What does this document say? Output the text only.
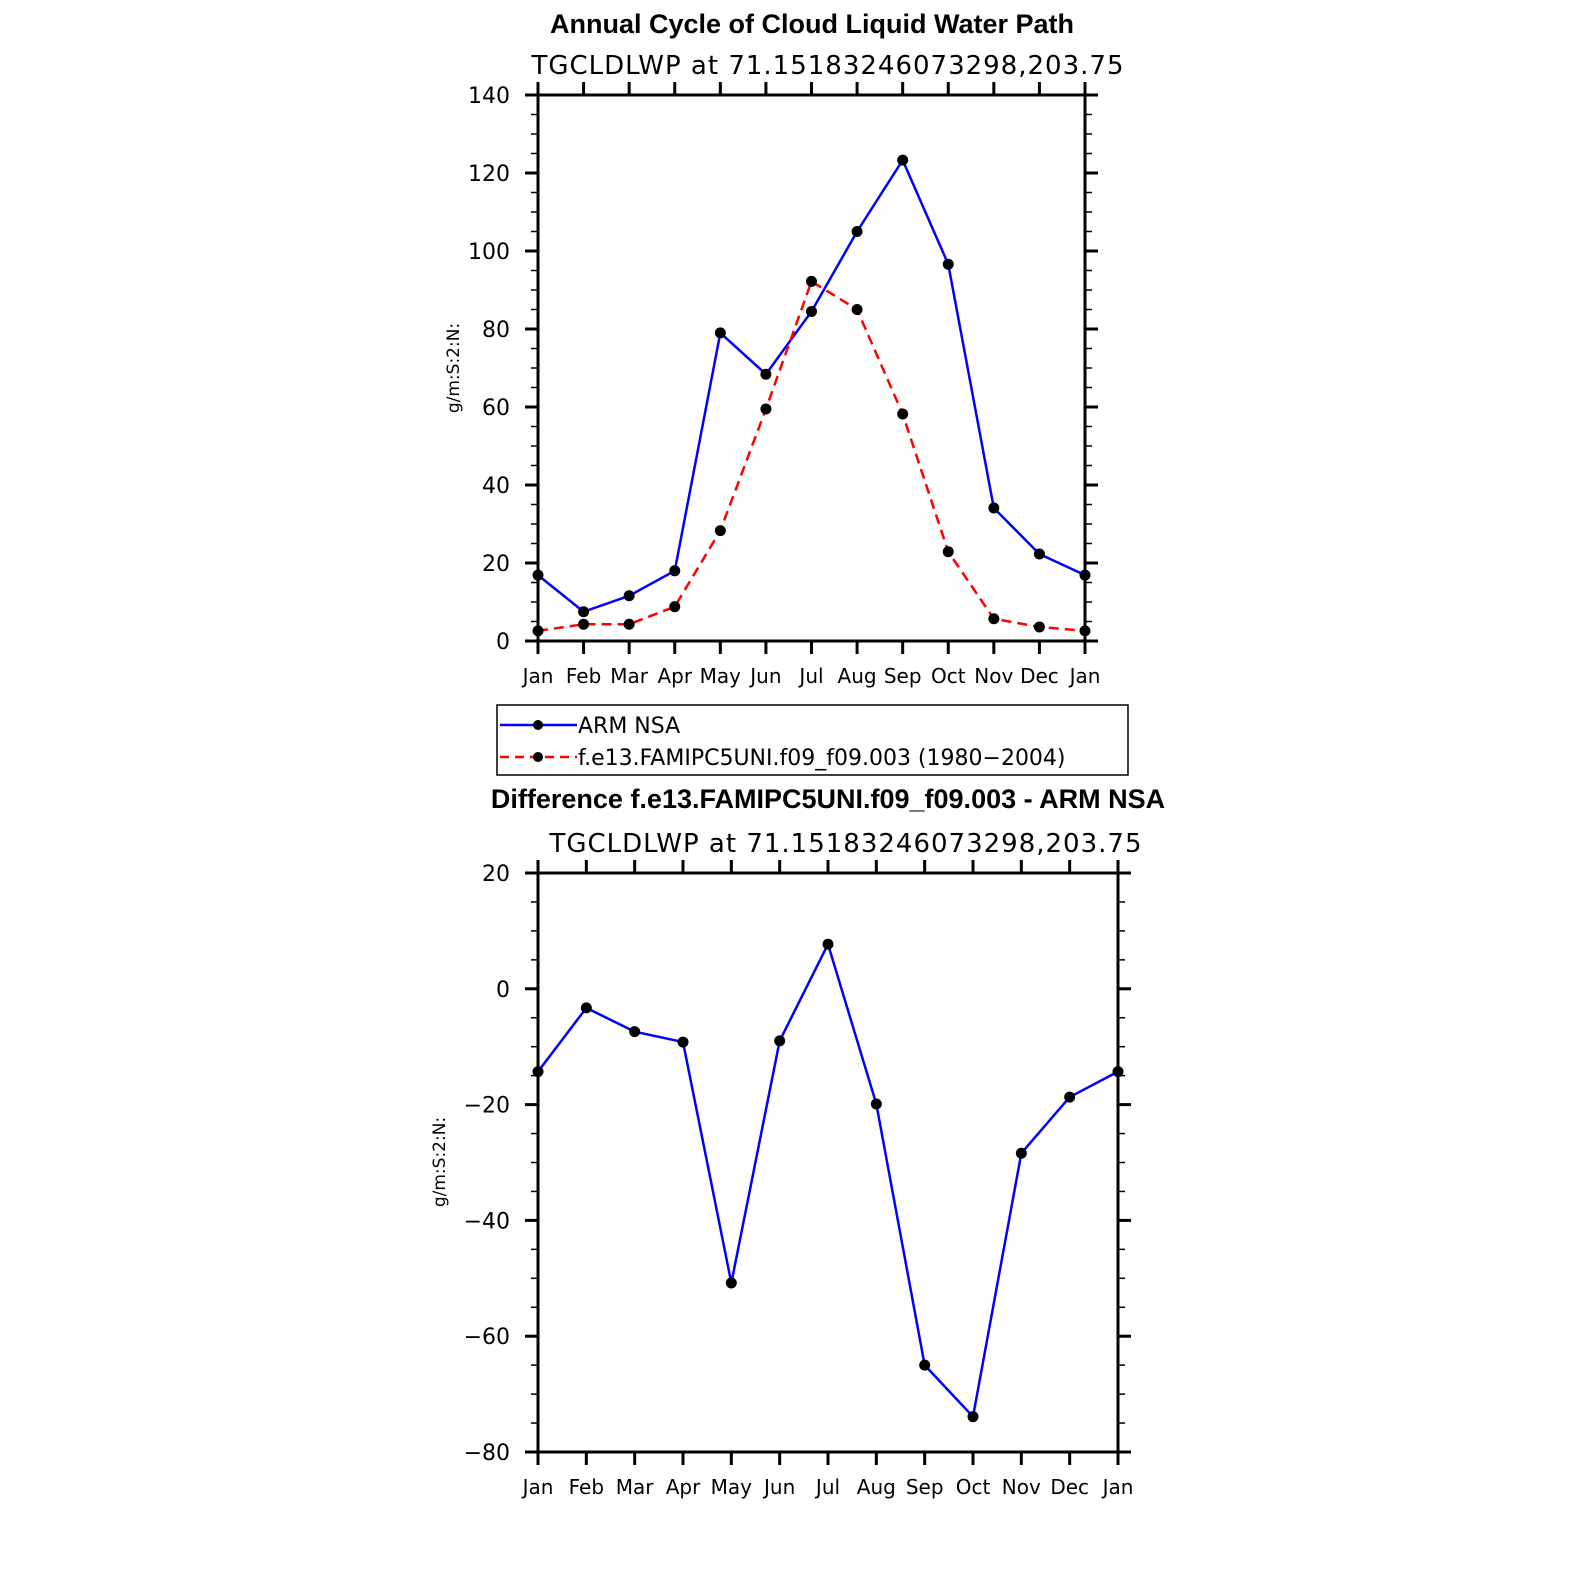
Annual Cycle of Cloud Liquid Water Path
TGCLDLWP at 71.15183246073298,203.75
g/m:S:2:N:
Jan Feb Mar Apr May Jun Jul Aug Sep Oct Nov Dec Jan
0
20
40
60
80
100
120
140
ARM NSA
f.e13.FAMIPC5UNI.f09_f09.003 (1980−2004)
Difference f.e13.FAMIPC5UNI.f09_f09.003 - ARM NSA
TGCLDLWP at 71.15183246073298,203.75
g/m:S:2:N:
Jan Feb Mar Apr May Jun Jul Aug Sep Oct Nov Dec Jan
−80
−60
−40
−20
0
20
